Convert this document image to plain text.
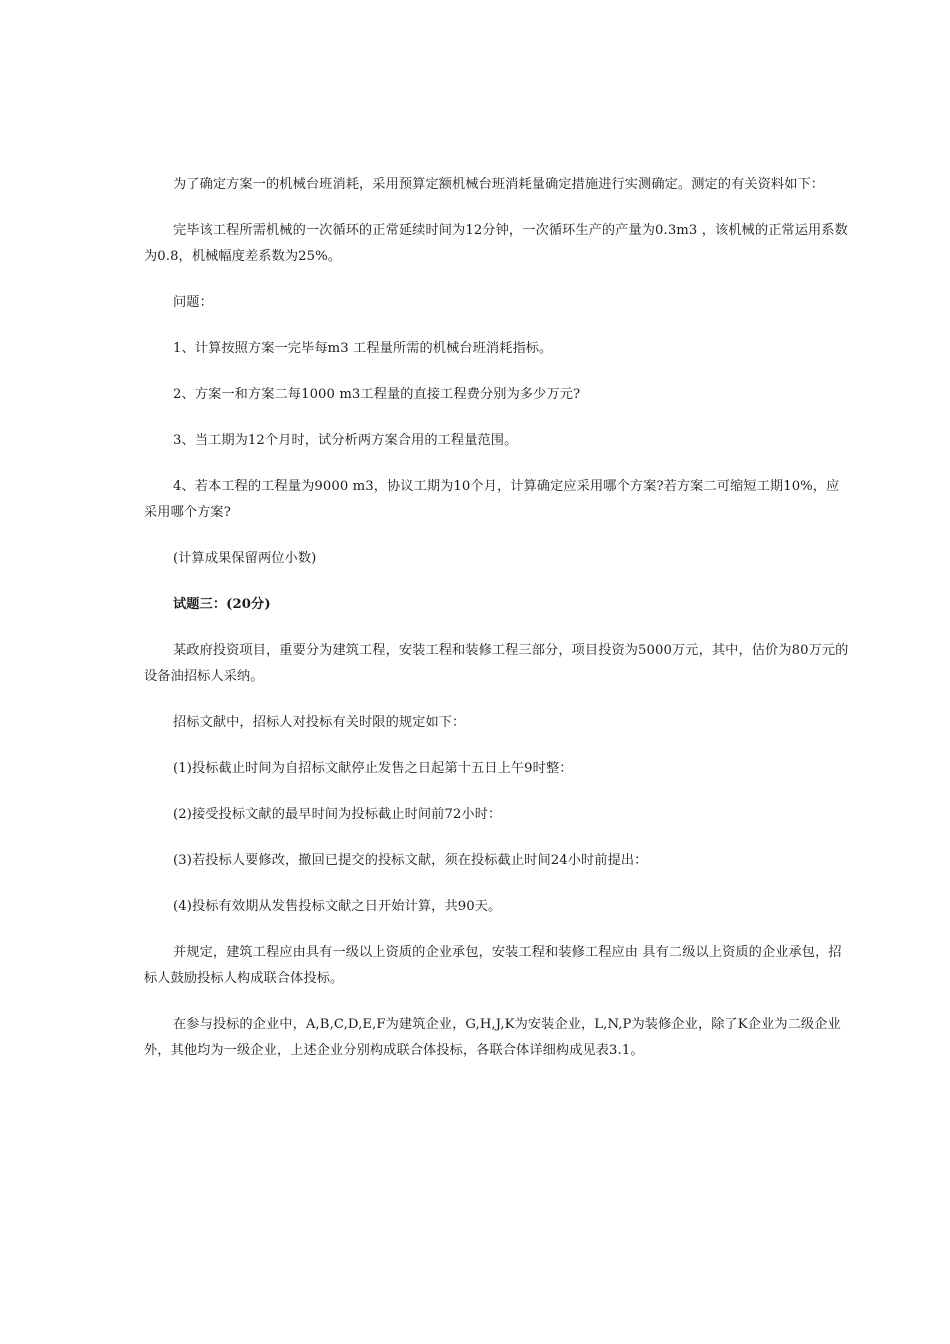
为了确定方案一的机械台班消耗，采用预算定额机械台班消耗量确定措施进行实测确定。测定的有关资料如下：

完毕该工程所需机械的一次循环的正常延续时间为12分钟，一次循环生产的产量为0.3m3 ，该机械的正常运用系数为0.8，机械幅度差系数为25%。

问题：

1、计算按照方案一完毕每m3 工程量所需的机械台班消耗指标。

2、方案一和方案二每1000 m3工程量的直接工程费分别为多少万元?

3、当工期为12个月时，试分析两方案合用的工程量范围。

4、若本工程的工程量为9000 m3，协议工期为10个月，计算确定应采用哪个方案?若方案二可缩短工期10%，应采用哪个方案?

(计算成果保留两位小数)

试题三：(20分)

某政府投资项目，重要分为建筑工程，安装工程和装修工程三部分，项目投资为5000万元，其中，估价为80万元的设备油招标人采纳。

招标文献中，招标人对投标有关时限的规定如下：

(1)投标截止时间为自招标文献停止发售之日起第十五日上午9时整：

(2)接受投标文献的最早时间为投标截止时间前72小时：

(3)若投标人要修改，撤回已提交的投标文献，须在投标截止时间24小时前提出：

(4)投标有效期从发售投标文献之日开始计算，共90天。

并规定，建筑工程应由具有一级以上资质的企业承包，安装工程和装修工程应由 具有二级以上资质的企业承包，招标人鼓励投标人构成联合体投标。

在参与投标的企业中，A,B,C,D,E,F为建筑企业，G,H,J,K为安装企业，L,N,P为装修企业，除了K企业为二级企业外，其他均为一级企业，上述企业分别构成联合体投标，各联合体详细构成见表3.1。
